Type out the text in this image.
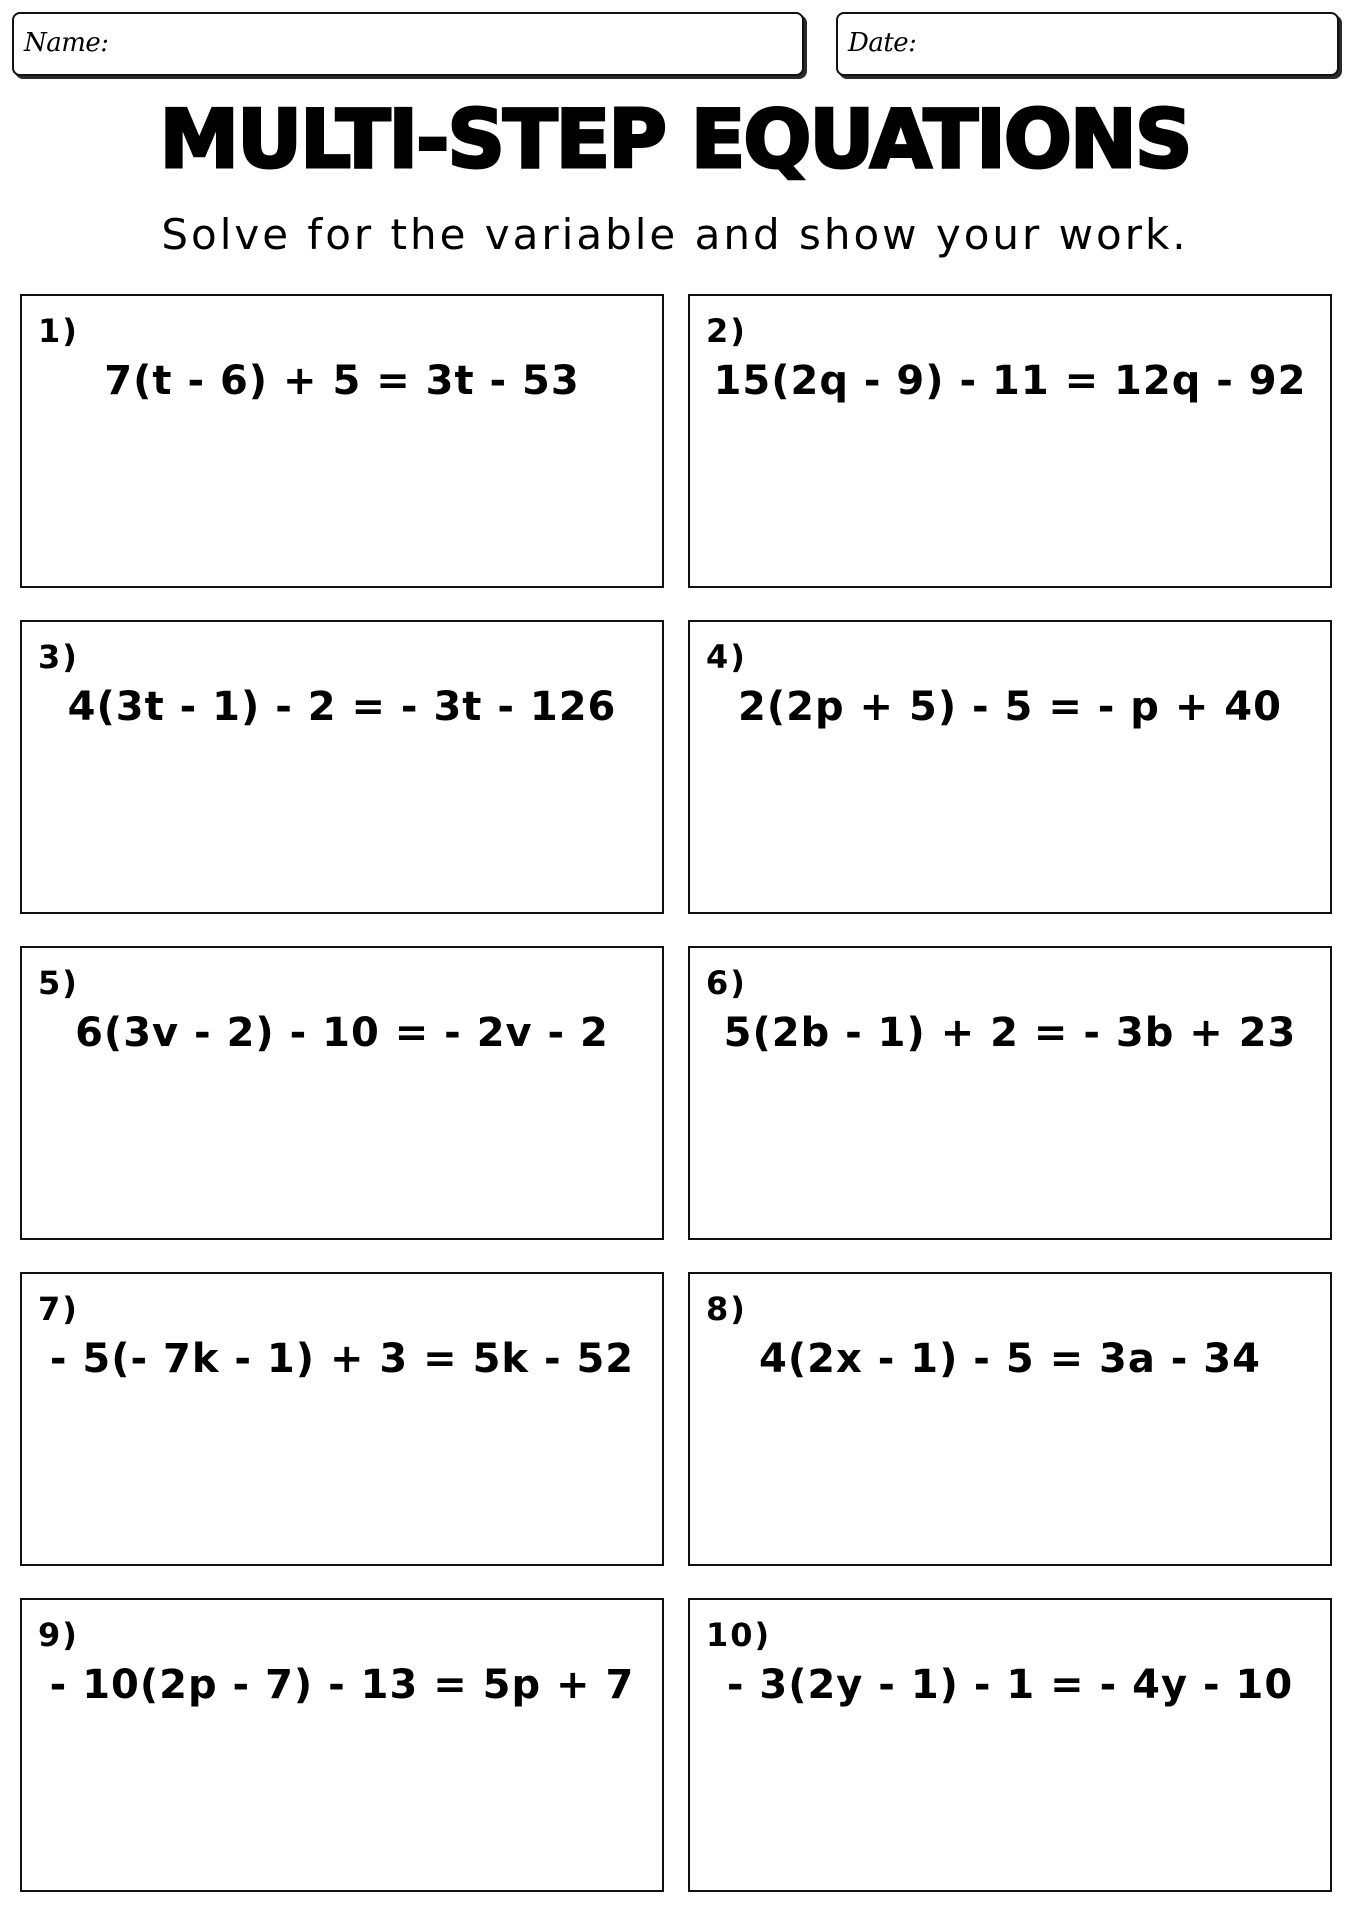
Name:	Date:
MULTI-STEP EQUATIONS
Solve for the variable and show your work.
1)
7(t - 6) + 5 = 3t - 53
2)
15(2q - 9) - 11 = 12q - 92
3)
4(3t - 1) - 2 = - 3t - 126
4)
2(2p + 5) - 5 = - p + 40
5)
6(3v - 2) - 10 = - 2v - 2
6)
5(2b - 1) + 2 = - 3b + 23
7)
- 5(- 7k - 1) + 3 = 5k - 52
8)
4(2x - 1) - 5 = 3a - 34
9)
- 10(2p - 7) - 13 = 5p + 7
10)
- 3(2y - 1) - 1 = - 4y - 10
